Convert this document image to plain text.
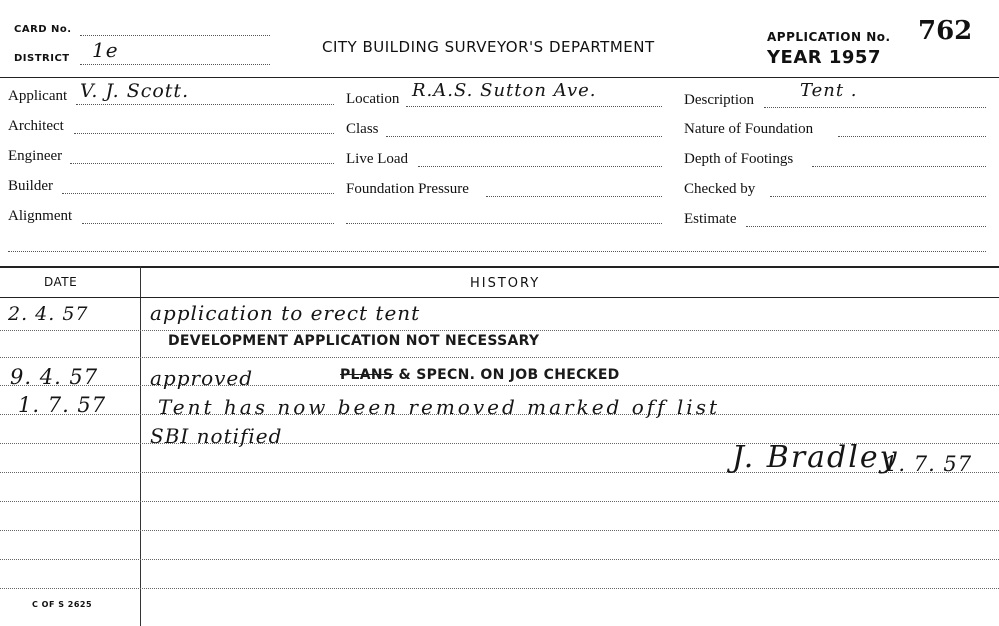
CARD No.
DISTRICT 1e	CITY BUILDING SURVEYOR'S DEPARTMENT
APPLICATION No. 762
YEAR 1957
Applicant V. J. Scott.
Architect
Engineer
Builder
Alignment
Location R.A.S. Sutton Ave.
Class
Live Load
Foundation Pressure
Description	Tent .
Nature of Foundation
Depth of Footings
Checked by
Estimate
DATE	HISTORY
2. 4. 57	application to erect tent
DEVELOPMENT APPLICATION NOT NECESSARY
9. 4. 57	approved	PLANS & SPECN. ON JOB CHECKED
1. 7. 57	Tent has now been removed marked off list
SBI notified
J. Bradley
1. 7. 57
C OF S 2625
